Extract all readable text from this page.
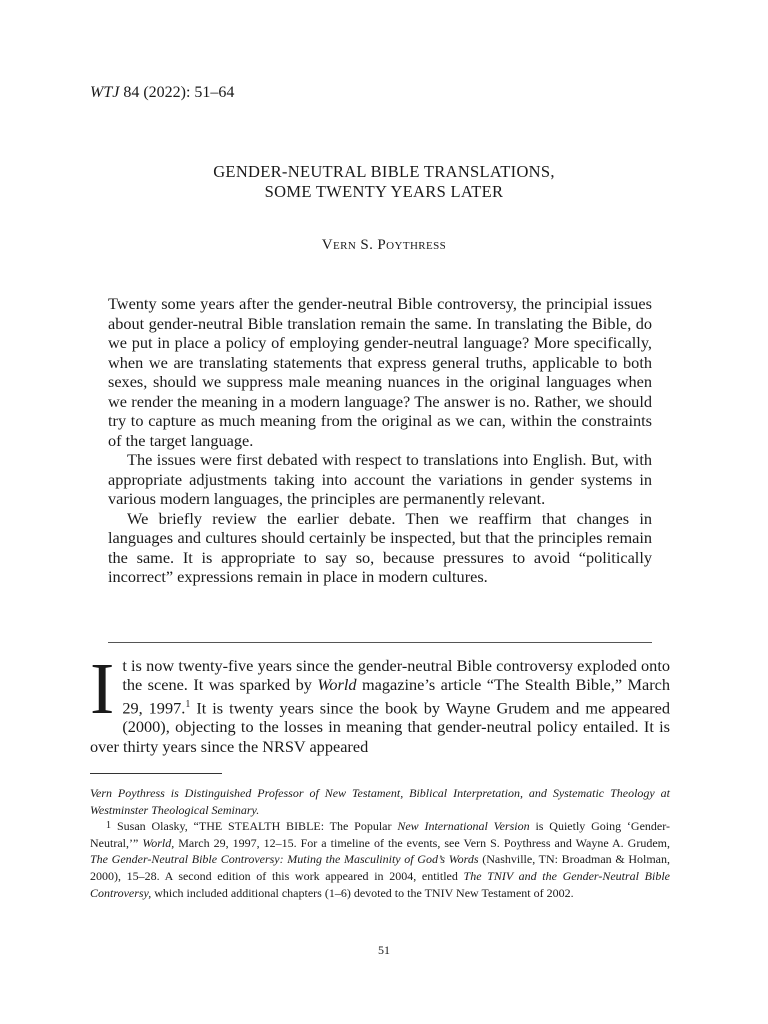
WTJ 84 (2022): 51–64
GENDER-NEUTRAL BIBLE TRANSLATIONS,
SOME TWENTY YEARS LATER
Vern S. Poythress

Twenty some years after the gender-neutral Bible controversy, the principial issues about gender-neutral Bible translation remain the same. In translating the Bible, do we put in place a policy of employing gender-neutral language? More specifically, when we are translating statements that express general truths, applicable to both sexes, should we suppress male meaning nuances in the original languages when we render the meaning in a modern language? The answer is no. Rather, we should try to capture as much meaning from the original as we can, within the constraints of the target language.

The issues were first debated with respect to translations into English. But, with appropriate adjustments taking into account the variations in gender systems in various modern languages, the principles are permanently relevant.

We briefly review the earlier debate. Then we reaffirm that changes in languages and cultures should certainly be inspected, but that the principles remain the same. It is appropriate to say so, because pressures to avoid “politically incorrect” expressions remain in place in modern cultures.

It is now twenty-five years since the gender-neutral Bible controversy exploded onto the scene. It was sparked by World magazine’s article “The Stealth Bible,” March 29, 1997.$^1$ It is twenty years since the book by Wayne Grudem and me appeared (2000), objecting to the losses in meaning that gender-neutral policy entailed. It is over thirty years since the NRSV appeared

Vern Poythress is Distinguished Professor of New Testament, Biblical Interpretation, and Systematic Theology at Westminster Theological Seminary.

$^1$ Susan Olasky, “THE STEALTH BIBLE: The Popular New International Version is Quietly Going ‘Gender-Neutral,’” World, March 29, 1997, 12–15. For a timeline of the events, see Vern S. Poythress and Wayne A. Grudem, The Gender-Neutral Bible Controversy: Muting the Masculinity of God’s Words (Nashville, TN: Broadman & Holman, 2000), 15–28. A second edition of this work appeared in 2004, entitled The TNIV and the Gender-Neutral Bible Controversy, which included additional chapters (1–6) devoted to the TNIV New Testament of 2002.

51
